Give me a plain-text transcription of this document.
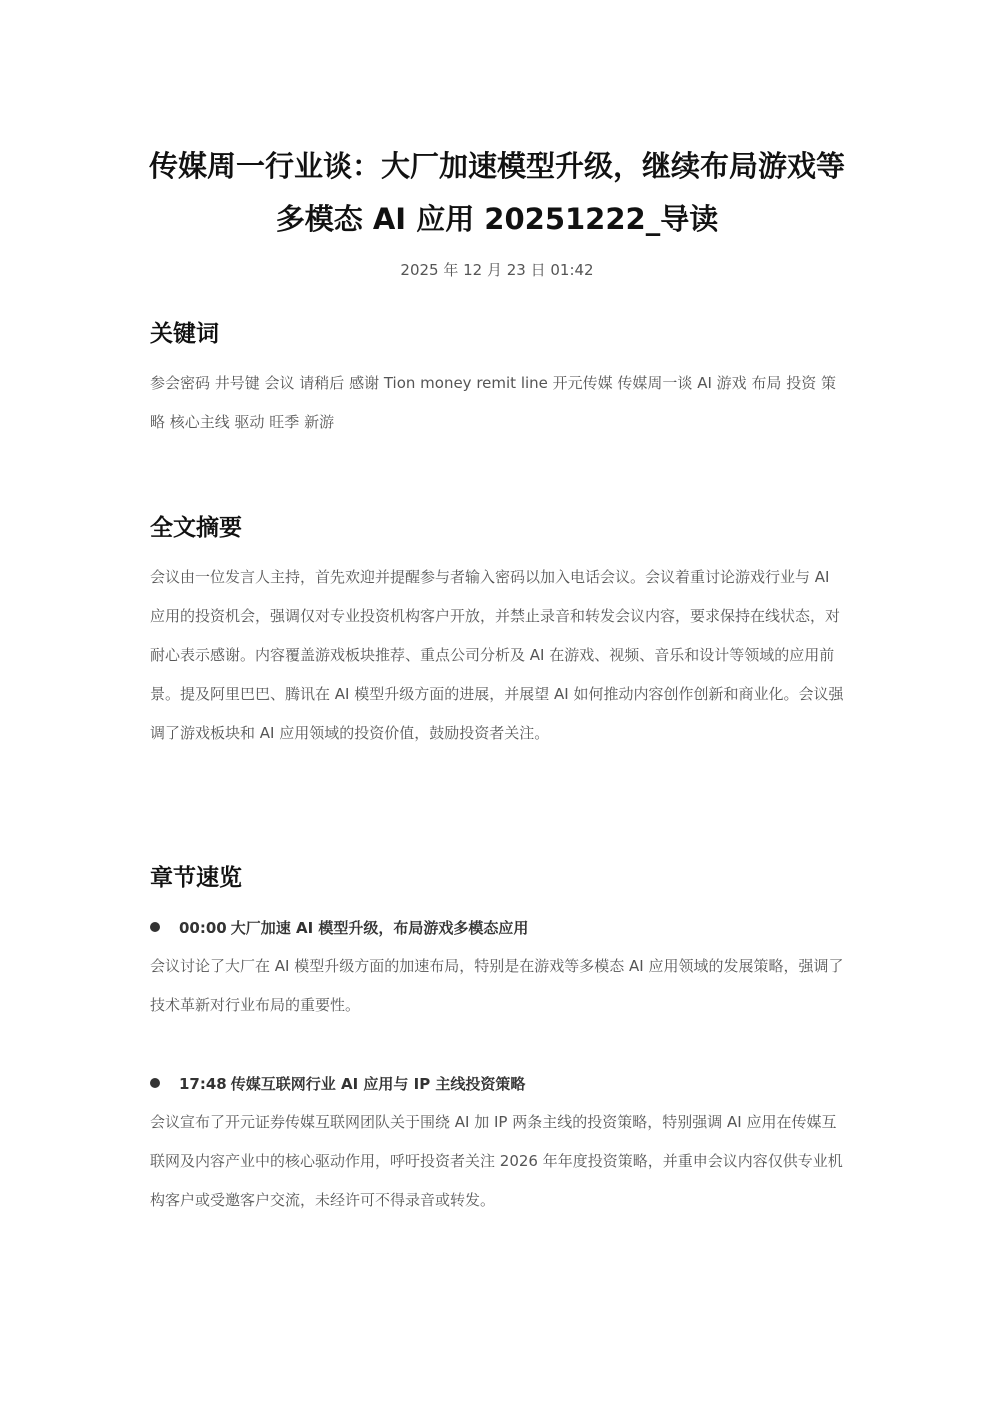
传媒周一行业谈：大厂加速模型升级，继续布局游戏等多模态 AI 应用 20251222_导读
2025 年 12 月 23 日 01:42
关键词

参会密码 井号键 会议 请稍后 感谢 Tion money remit line 开元传媒 传媒周一谈 AI 游戏 布局 投资 策略 核心主线 驱动 旺季 新游

全文摘要

会议由一位发言人主持，首先欢迎并提醒参与者输入密码以加入电话会议。会议着重讨论游戏行业与 AI 应用的投资机会，强调仅对专业投资机构客户开放，并禁止录音和转发会议内容，要求保持在线状态，对耐心表示感谢。内容覆盖游戏板块推荐、重点公司分析及 AI 在游戏、视频、音乐和设计等领域的应用前景。提及阿里巴巴、腾讯在 AI 模型升级方面的进展，并展望 AI 如何推动内容创作创新和商业化。会议强调了游戏板块和 AI 应用领域的投资价值，鼓励投资者关注。

章节速览
00:00 大厂加速 AI 模型升级，布局游戏多模态应用

会议讨论了大厂在 AI 模型升级方面的加速布局，特别是在游戏等多模态 AI 应用领域的发展策略，强调了技术革新对行业布局的重要性。

17:48 传媒互联网行业 AI 应用与 IP 主线投资策略

会议宣布了开元证券传媒互联网团队关于围绕 AI 加 IP 两条主线的投资策略，特别强调 AI 应用在传媒互联网及内容产业中的核心驱动作用，呼吁投资者关注 2026 年年度投资策略，并重申会议内容仅供专业机构客户或受邀客户交流，未经许可不得录音或转发。
